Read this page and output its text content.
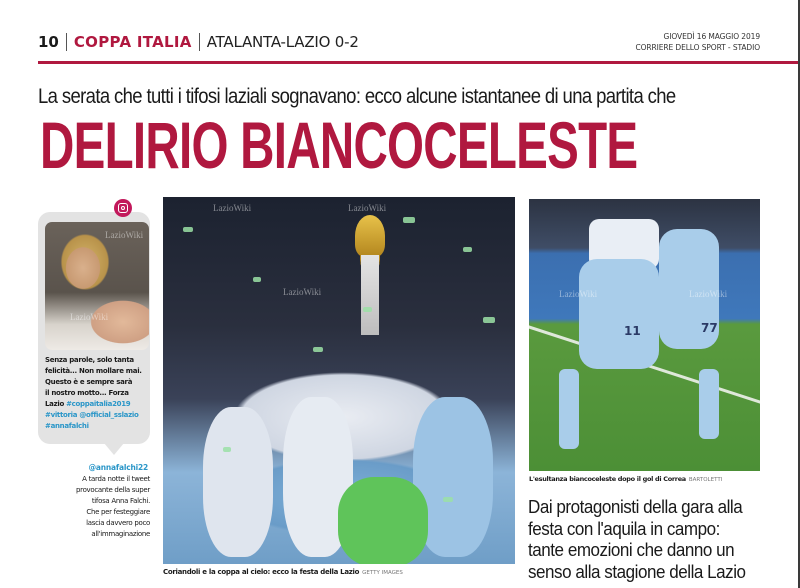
10 COPPA ITALIA ATALANTA-LAZIO 0-2	GIOVEDÌ 16 MAGGIO 2019
CORRIERE DELLO SPORT - STADIO
La serata che tutti i tifosi laziali sognavano: ecco alcune istantanee di una partita che
DELIRIO BIANCOCELESTE
LazioWiki
LazioWiki
Senza parole, solo tanta
felicità... Non mollare mai.
Questo è e sempre sarà
il nostro motto... Forza
Lazio #coppaitalia2019
#vittoria @official_sslazio
#annafalchi
@annafalchi22
A tarda notte il tweet
provocante della super
tifosa Anna Falchi.
Che per festeggiare
lascia davvero poco
all'immaginazione
LazioWiki	LazioWiki
LazioWiki
Coriandoli e la coppa al cielo: ecco la festa della Lazio GETTY IMAGES
11	77
LazioWiki	LazioWiki
L'esultanza biancoceleste dopo il gol di Correa BARTOLETTI
Dai protagonisti della gara alla festa con l'aquila in campo: tante emozioni che danno un senso alla stagione della Lazio
